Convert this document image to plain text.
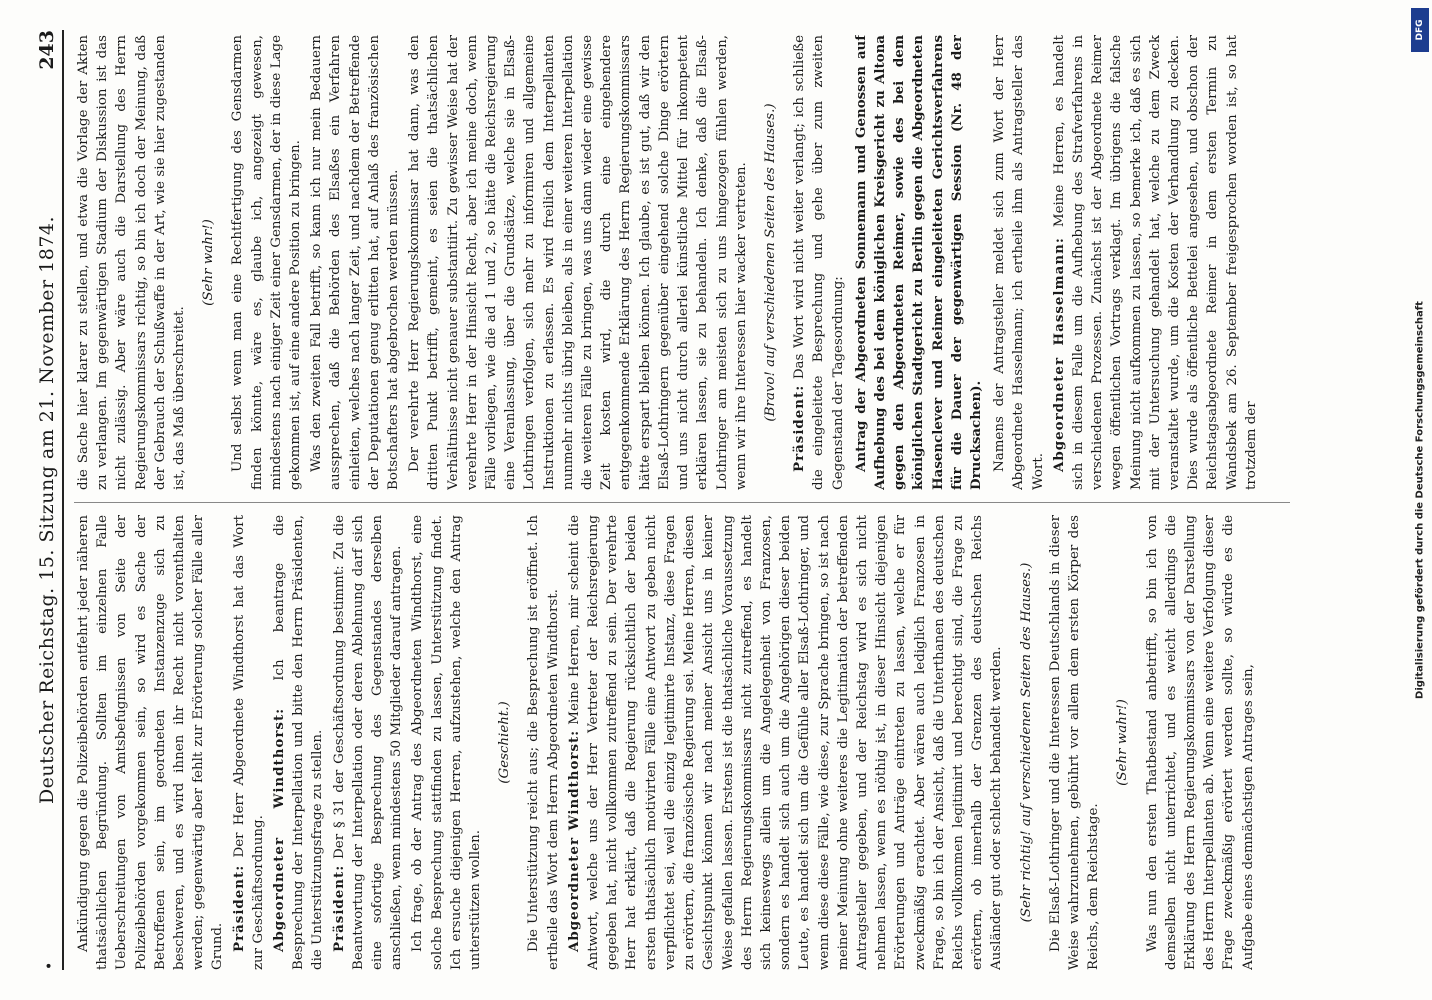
•
Deutscher Reichstag. 15. Sitzung am 21. November 1874.
243

Ankündigung gegen die Polizeibehörden entfehrt jeder näheren thatsächlichen Begründung. Sollten im einzelnen Falle Ueberschreitungen von Amtsbefugnissen von Seite der Polizeibehörden vorgekommen sein, so wird es Sache der Betroffenen sein, im geordneten Instanzenzuge sich zu beschweren, und es wird ihnen ihr Recht nicht vorenthalten werden; gegenwärtig aber fehlt zur Erörterung solcher Fälle aller Grund. Präsident: Der Herr Abgeordnete Windthorst hat das Wort zur Geschäftsordnung. Abgeordneter Windthorst: Ich beantrage die Besprechung der Interpellation und bitte den Herrn Präsidenten, die Unterstützungsfrage zu stellen. Präsident: Der § 31 der Geschäftsordnung bestimmt: Zu die Beantwortung der Interpellation oder deren Ablehnung darf sich eine sofortige Besprechung des Gegenstandes derselben anschließen, wenn mindestens 50 Mitglieder darauf antragen. Ich frage, ob der Antrag des Abgeordneten Windthorst, eine solche Besprechung stattfinden zu lassen, Unterstützung findet. Ich ersuche diejenigen Herren, aufzustehen, welche den Antrag unterstützen wollen.

(Geschieht.) Die Unterstützung reicht aus; die Besprechung ist eröffnet. Ich ertheile das Wort dem Herrn Abgeordneten Windthorst. Abgeordneter Windthorst: Meine Herren, mir scheint die Antwort, welche uns der Herr Vertreter der Reichsregierung gegeben hat, nicht vollkommen zutreffend zu sein. Der verehrte Herr hat erklärt, daß die Regierung rücksichtlich der beiden ersten thatsächlich motivirten Fälle eine Antwort zu geben nicht verpflichtet sei, weil die einzig legitimirte Instanz, diese Fragen zu erörtern, die französische Regierung sei. Meine Herren, diesen Gesichtspunkt können wir nach meiner Ansicht uns in keiner Weise gefallen lassen. Erstens ist die thatsächliche Voraussetzung des Herrn Regierungskommissars nicht zutreffend, es handelt sich keineswegs allein um die Angelegenheit von Franzosen, sondern es handelt sich auch um die Angehörigen dieser beiden Leute, es handelt sich um die Gefühle aller Elsaß-Lothringer, und wenn diese diese Fälle, wie diese, zur Sprache bringen, so ist nach meiner Meinung ohne weiteres die Legitimation der betreffenden Antragsteller gegeben, und der Reichstag wird es sich nicht nehmen lassen, wenn es nöthig ist, in dieser Hinsicht diejenigen Erörterungen und Anträge eintreten zu lassen, welche er für zweckmäßig erachtet. Aber wären auch lediglich Franzosen in Frage, so bin ich der Ansicht, daß die Unterthanen des deutschen Reichs vollkommen legitimirt und berechtigt sind, die Frage zu erörtern, ob innerhalb der Grenzen des deutschen Reichs Ausländer gut oder schlecht behandelt werden. (Sehr richtig! auf verschiedenen Seiten des Hauses.) Die Elsaß-Lothringer und die Interessen Deutschlands in dieser Weise wahrzunehmen, gebührt vor allem dem ersten Körper des Reichs, dem Reichstage.

(Sehr wahr!) Was nun den ersten Thatbestand anbetrifft, so bin ich von demselben nicht unterrichtet, und es weicht allerdings die Erklärung des Herrn Regierungskommissars von der Darstellung des Herrn Interpellanten ab. Wenn eine weitere Verfolgung dieser Frage zweckmäßig erörtert werden sollte, so würde es die Aufgabe eines demnächstigen Antrages sein,

die Sache hier klarer zu stellen, und etwa die Vorlage der Akten zu verlangen. Im gegenwärtigen Stadium der Diskussion ist das nicht zulässig. Aber wäre auch die Darstellung des Herrn Regierungskommissars richtig, so bin ich doch der Meinung, daß der Gebrauch der Schußwaffe in der Art, wie sie hier zugestanden ist, das Maß überschreitet.

(Sehr wahr!) Und selbst wenn man eine Rechtfertigung des Gensdarmen finden könnte, wäre es, glaube ich, angezeigt gewesen, mindestens nach einiger Zeit einer Gensdarmen, der in diese Lage gekommen ist, auf eine andere Position zu bringen. Was den zweiten Fall betrifft, so kann ich nur mein Bedauern aussprechen, daß die Behörden des Elsaßes ein Verfahren einleiten, welches nach langer Zeit, und nachdem der Betreffende der Deputationen genug erlitten hat, auf Anlaß des französischen Botschafters hat abgebrochen werden müssen. Der verehrte Herr Regierungskommissar hat dann, was den dritten Punkt betrifft, gemeint, es seien die thatsächlichen Verhältnisse nicht genauer substantiirt. Zu gewisser Weise hat der verehrte Herr in der Hinsicht Recht, aber ich meine doch, wenn Fälle vorliegen, wie die ad 1 und 2, so hätte die Reichsregierung eine Veranlassung, über die Grundsätze, welche sie in Elsaß-Lothringen verfolgen, sich mehr zu informiren und allgemeine Instruktionen zu erlassen. Es wird freilich dem Interpellanten nunmehr nichts übrig bleiben, als in einer weiteren Interpellation die weiteren Fälle zu bringen, was uns dann wieder eine gewisse Zeit kosten wird, die durch eine eingehendere entgegenkommende Erklärung des Herrn Regierungskommissars hätte erspart bleiben können. Ich glaube, es ist gut, daß wir den Elsaß-Lothringern gegenüber eingehend solche Dinge erörtern und uns nicht durch allerlei künstliche Mittel für inkompetent erklären lassen, sie zu behandeln. Ich denke, daß die Elsaß-Lothringer am meisten sich zu uns hingezogen fühlen werden, wenn wir ihre Interessen hier wacker vertreten. (Bravo! auf verschiedenen Seiten des Hauses.)

Präsident: Das Wort wird nicht weiter verlangt; ich schließe die eingeleitete Besprechung und gehe über zum zweiten Gegenstand der Tagesordnung: Antrag der Abgeordneten Sonnemann und Genossen auf Aufhebung des bei dem königlichen Kreisgericht zu Altona gegen den Abgeordneten Reimer, sowie des bei dem königlichen Stadtgericht zu Berlin gegen die Abgeordneten Hasenclever und Reimer eingeleiteten Gerichtsverfahrens für die Dauer der gegenwärtigen Session (Nr. 48 der Drucksachen). Namens der Antragsteller meldet sich zum Wort der Herr Abgeordnete Hasselmann; ich ertheile ihm als Antragsteller das Wort. Abgeordneter Hasselmann: Meine Herren, es handelt sich in diesem Falle um die Aufhebung des Strafverfahrens in verschiedenen Prozessen. Zunächst ist der Abgeordnete Reimer wegen öffentlichen Vortrags verklagt. Im übrigens die falsche Meinung nicht aufkommen zu lassen, so bemerke ich, daß es sich mit der Untersuchung gehandelt hat, welche zu dem Zweck veranstaltet wurde, um die Kosten der Verhandlung zu decken. Dies wurde als öffentliche Bettelei angesehen, und obschon der Reichstagsabgeordnete Reimer in dem ersten Termin zu Wandsbek am 26. September freigesprochen worden ist, so hat trotzdem der

DFG
Digitalisierung gefördert durch die Deutsche Forschungsgemeinschaft
